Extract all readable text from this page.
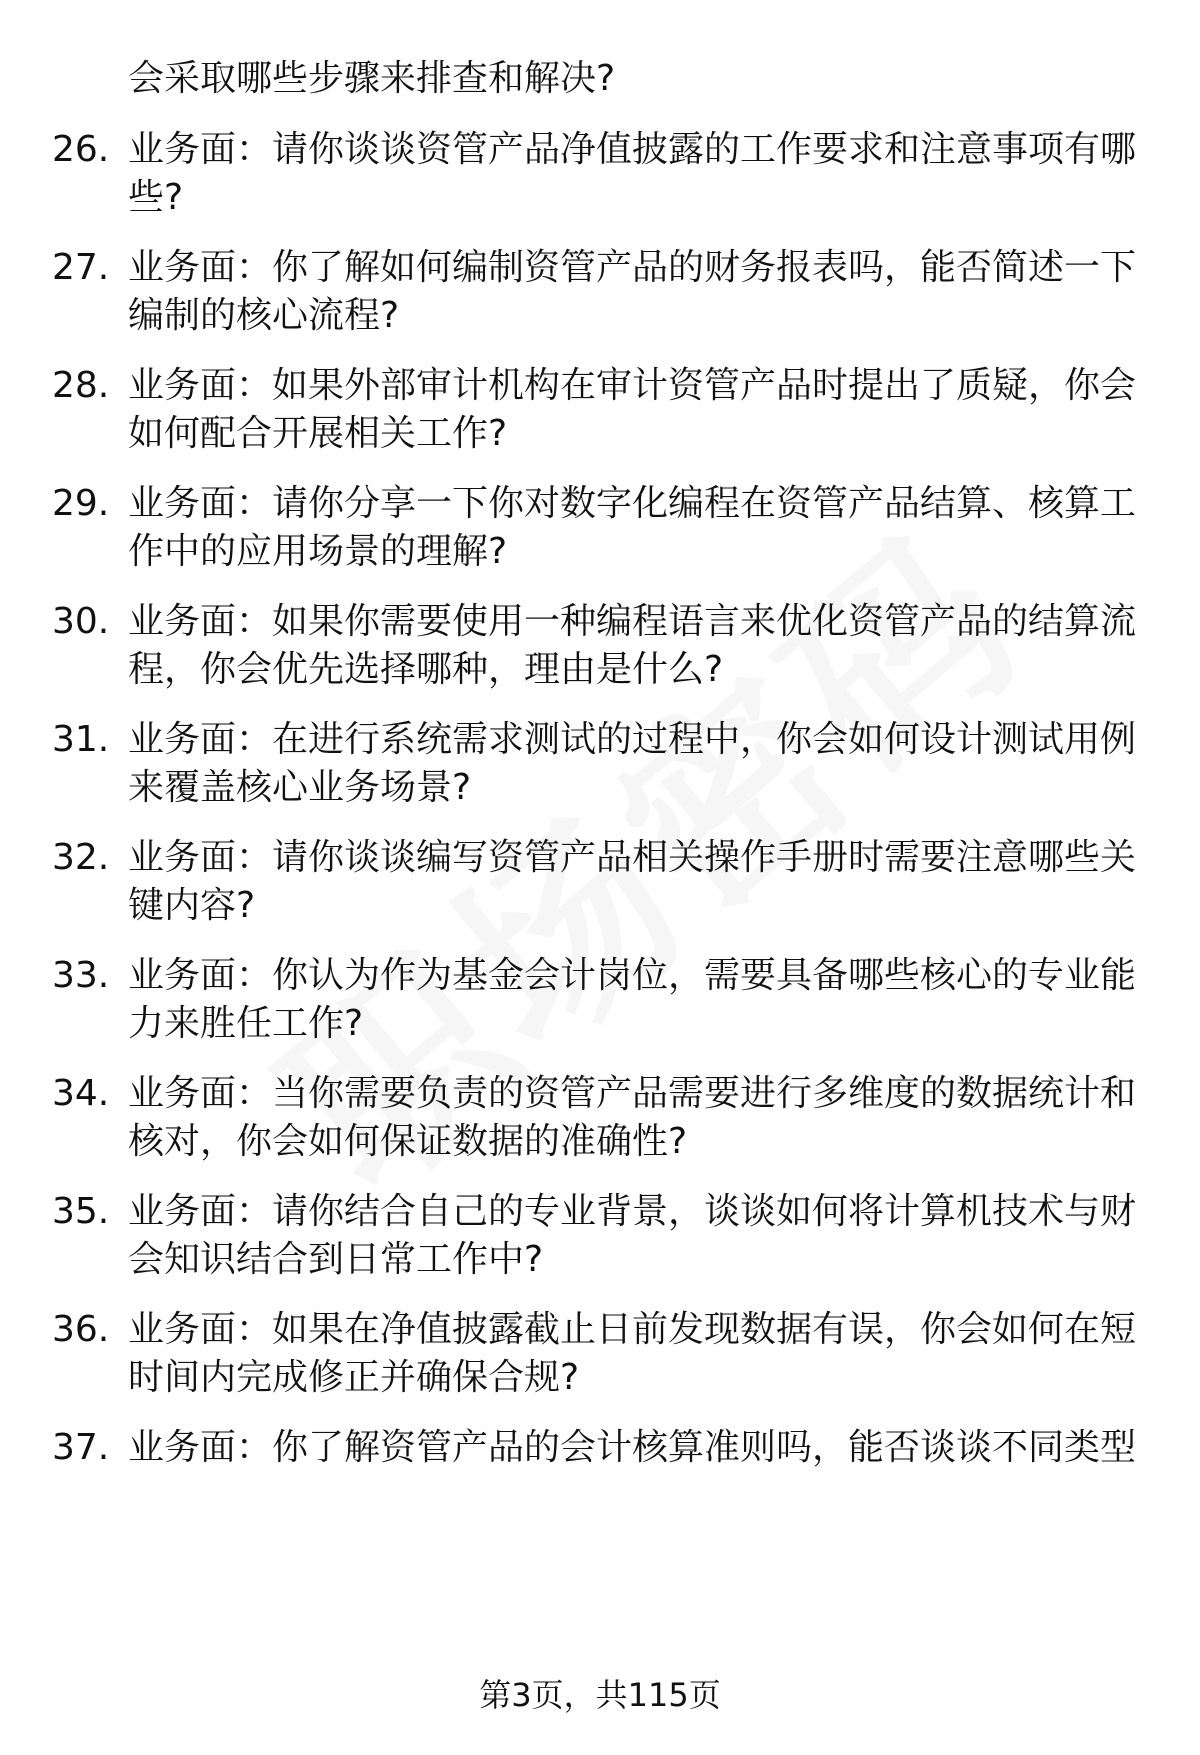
会采取哪些步骤来排查和解决?
26. 业务面：请你谈谈资管产品净值披露的工作要求和注意事项有哪些?
27. 业务面：你了解如何编制资管产品的财务报表吗，能否简述一下编制的核心流程?
28. 业务面：如果外部审计机构在审计资管产品时提出了质疑，你会如何配合开展相关工作?
29. 业务面：请你分享一下你对数字化编程在资管产品结算、核算工作中的应用场景的理解?
30. 业务面：如果你需要使用一种编程语言来优化资管产品的结算流程，你会优先选择哪种，理由是什么?
31. 业务面：在进行系统需求测试的过程中，你会如何设计测试用例来覆盖核心业务场景?
32. 业务面：请你谈谈编写资管产品相关操作手册时需要注意哪些关键内容?
33. 业务面：你认为作为基金会计岗位，需要具备哪些核心的专业能力来胜任工作?
34. 业务面：当你需要负责的资管产品需要进行多维度的数据统计和核对，你会如何保证数据的准确性?
35. 业务面：请你结合自己的专业背景，谈谈如何将计算机技术与财会知识结合到日常工作中?
36. 业务面：如果在净值披露截止日前发现数据有误，你会如何在短时间内完成修正并确保合规?
37. 业务面：你了解资管产品的会计核算准则吗，能否谈谈不同类型
第3页，共115页
